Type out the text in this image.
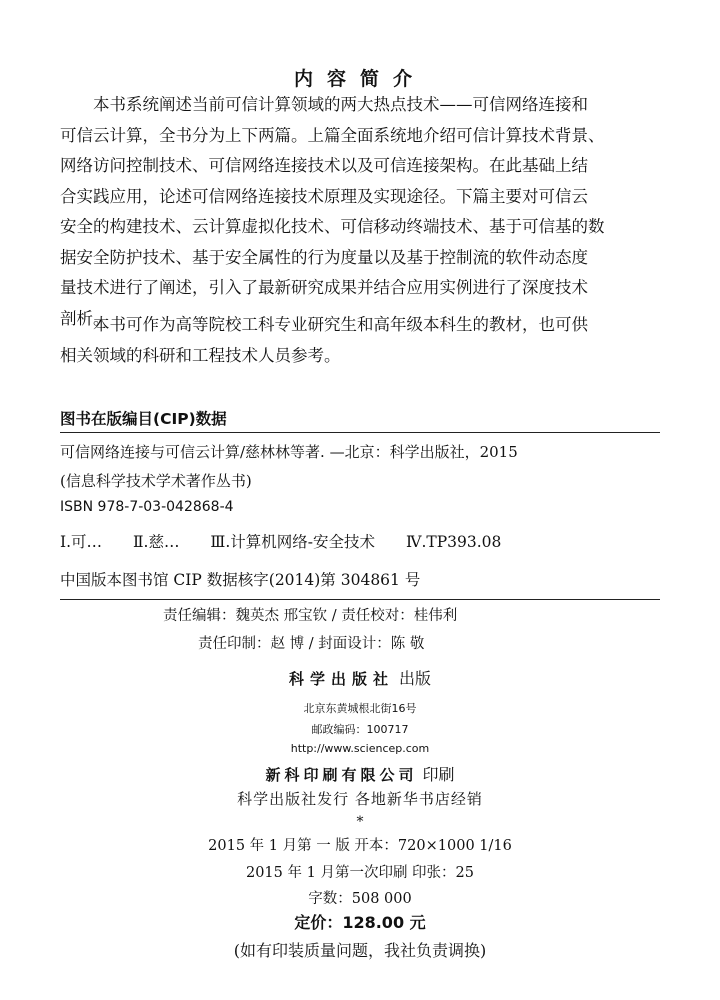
内容简介
本书系统阐述当前可信计算领域的两大热点技术——可信网络连接和
可信云计算，全书分为上下两篇。上篇全面系统地介绍可信计算技术背景、
网络访问控制技术、可信网络连接技术以及可信连接架构。在此基础上结
合实践应用，论述可信网络连接技术原理及实现途径。下篇主要对可信云
安全的构建技术、云计算虚拟化技术、可信移动终端技术、基于可信基的数
据安全防护技术、基于安全属性的行为度量以及基于控制流的软件动态度
量技术进行了阐述，引入了最新研究成果并结合应用实例进行了深度技术
剖析。
本书可作为高等院校工科专业研究生和高年级本科生的教材，也可供
相关领域的科研和工程技术人员参考。
图书在版编目(CIP)数据
可信网络连接与可信云计算/慈林林等著. —北京：科学出版社，2015
(信息科学技术学术著作丛书)
ISBN 978-7-03-042868-4
Ⅰ.可… Ⅱ.慈… Ⅲ.计算机网络-安全技术 Ⅳ.TP393.08
中国版本图书馆 CIP 数据核字(2014)第 304861 号
责任编辑：魏英杰 邢宝钦 / 责任校对：桂伟利
责任印制：赵 博 / 封面设计：陈 敬
科学出版社 出版
北京东黄城根北街16号
邮政编码：100717
http://www.sciencep.com
新科印刷有限公司 印刷
科学出版社发行 各地新华书店经销
*
2015 年 1 月第 一 版 开本：720×1000 1/16
2015 年 1 月第一次印刷 印张：25
字数：508 000
定价：128.00 元
(如有印装质量问题，我社负责调换)
